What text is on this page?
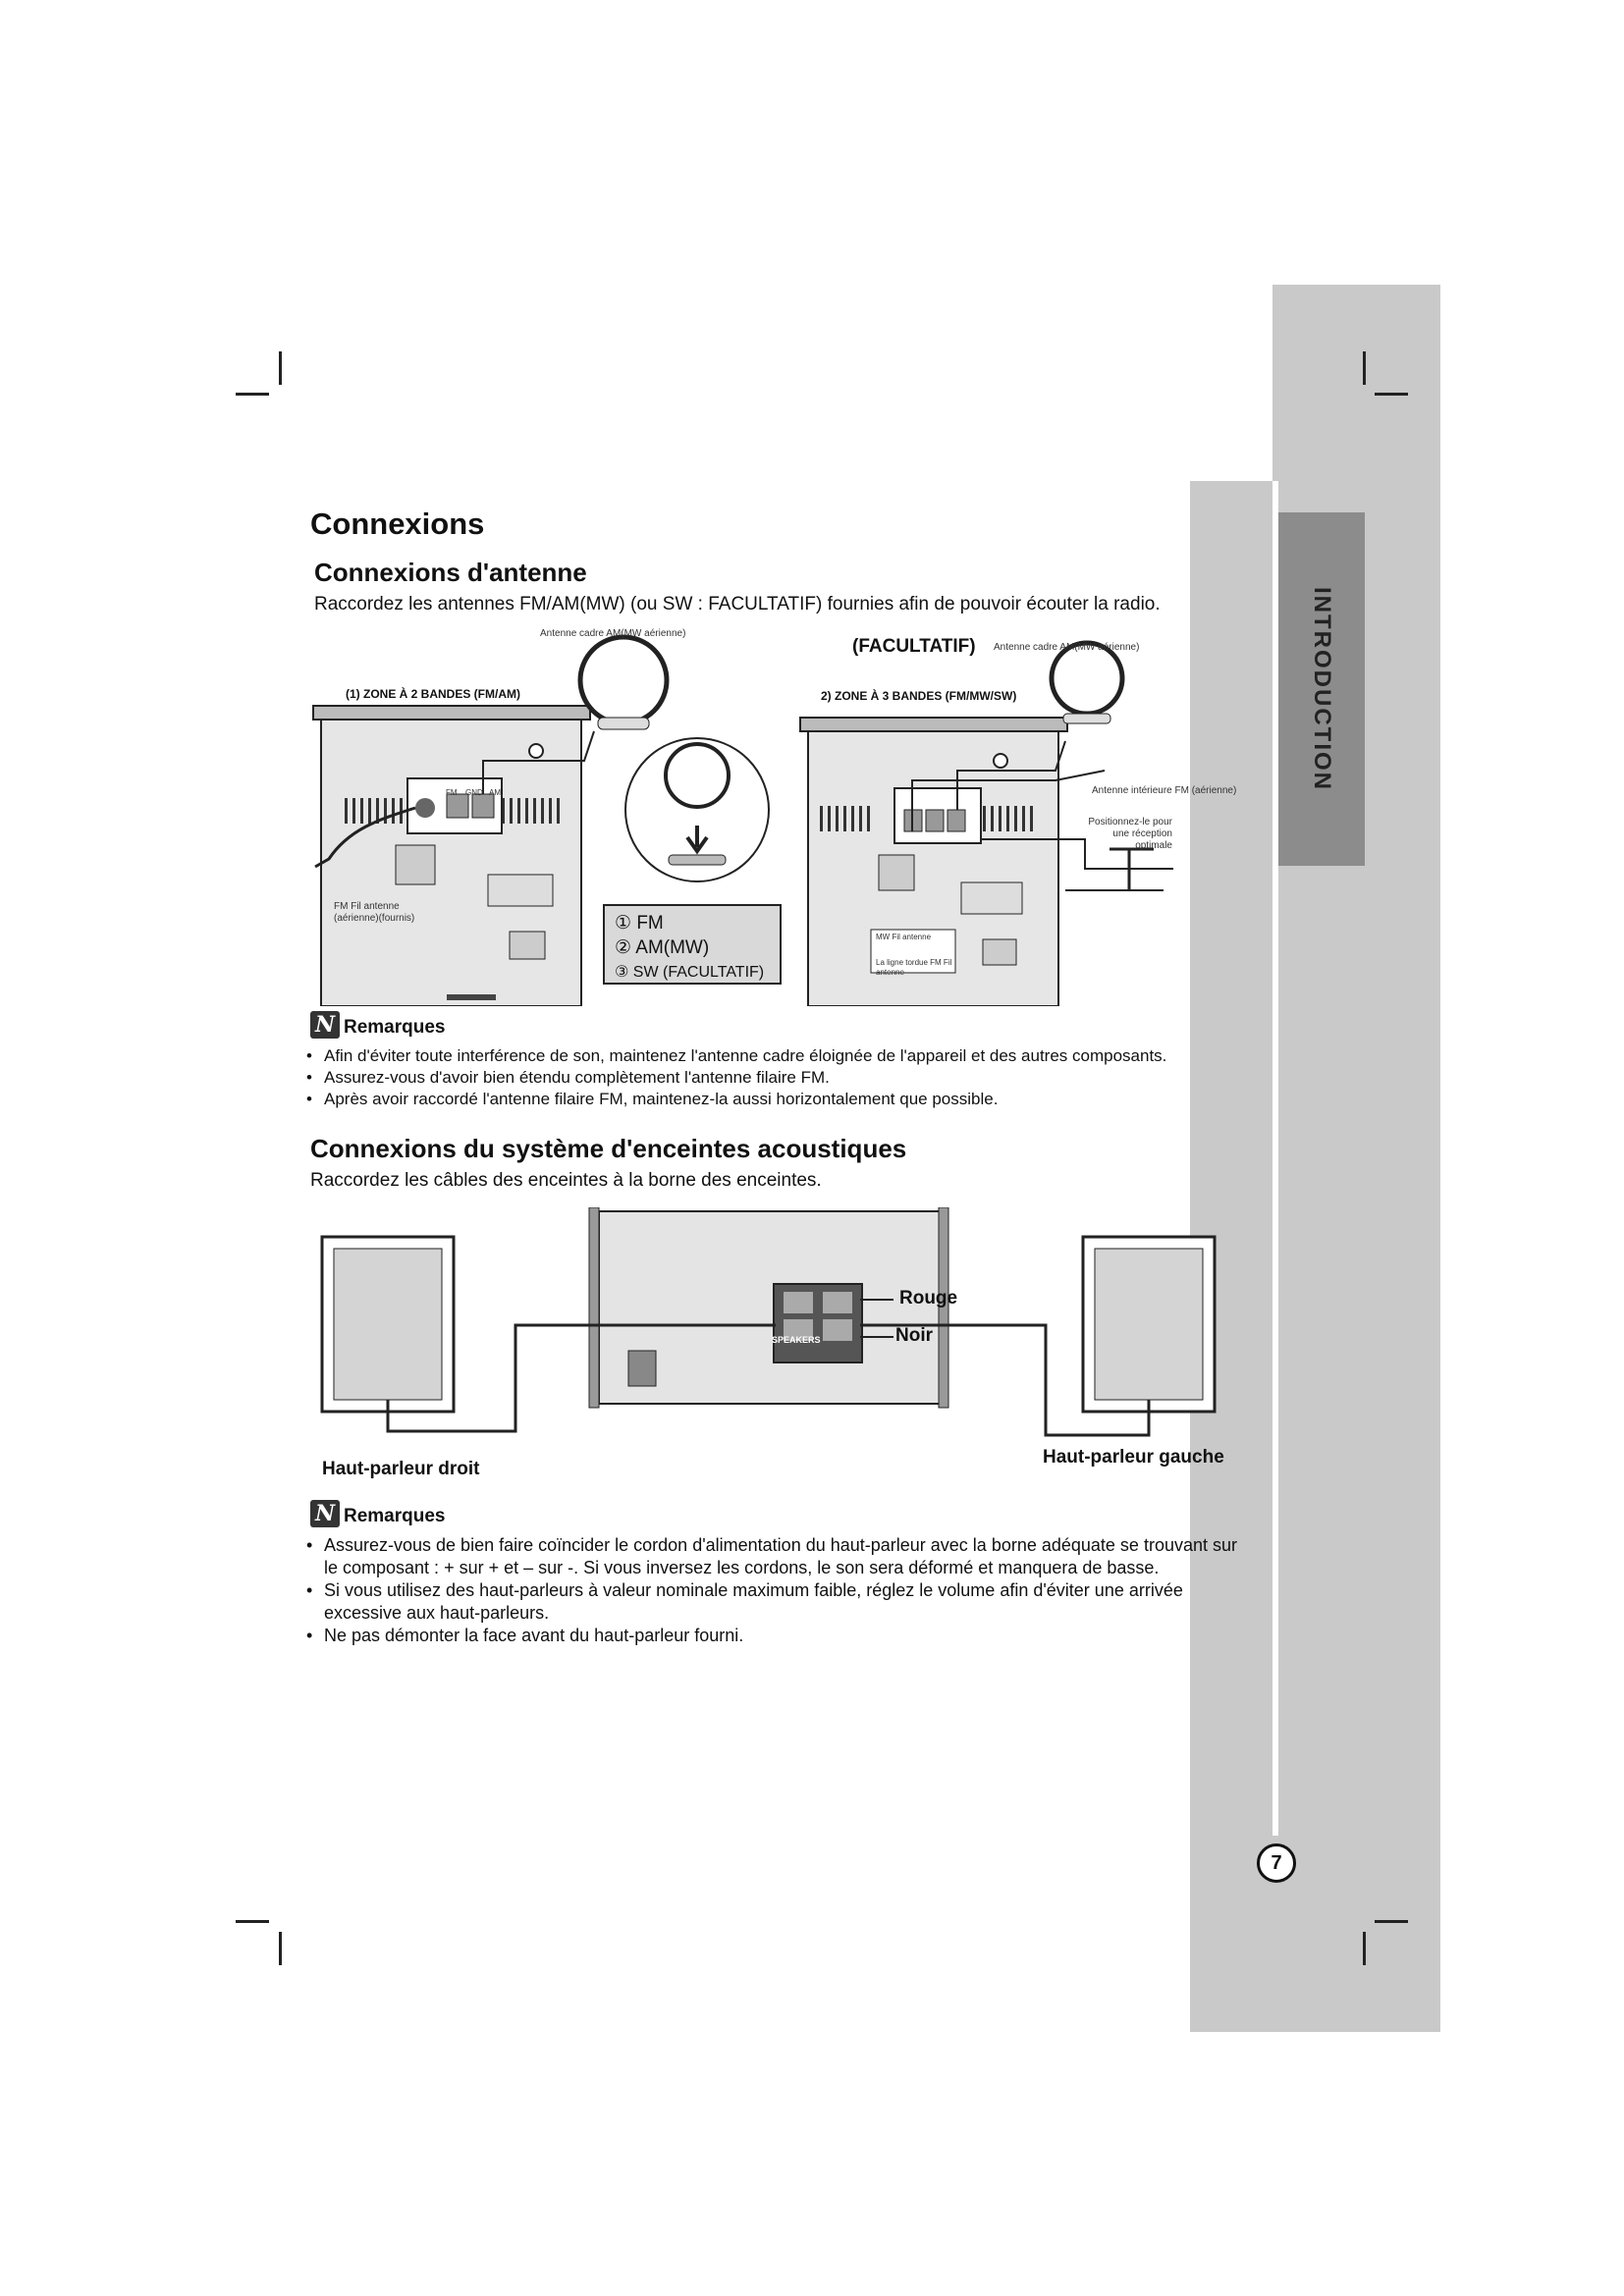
INTRODUCTION
7
Connexions
Connexions d'antenne
Raccordez les antennes FM/AM(MW) (ou SW : FACULTATIF) fournies afin de pouvoir écouter la radio.
Antenne cadre AM(MW aérienne)
(FACULTATIF) Antenne cadre AM(MW aérienne)
(1) ZONE À 2 BANDES (FM/AM)	2) ZONE À 3 BANDES (FM/MW/SW)
FM GND AM
FM Fil antenne (aérienne)(fournis)
Antenne intérieure FM (aérienne)
Positionnez-le pour une réception optimale
MW Fil antenne
La ligne tordue FM Fil antenne
① FM
② AM(MW)
③ SW (FACULTATIF)
N Remarques
• Afin d'éviter toute interférence de son, maintenez l'antenne cadre éloignée de l'appareil et des autres composants.
• Assurez-vous d'avoir bien étendu complètement l'antenne filaire FM.
• Après avoir raccordé l'antenne filaire FM, maintenez-la aussi horizontalement que possible.
Connexions du système d'enceintes acoustiques
Raccordez les câbles des enceintes à la borne des enceintes.
SPEAKERS
Rouge
Noir
Haut-parleur droit
Haut-parleur gauche
N Remarques
• Assurez-vous de bien faire coïncider le cordon d'alimentation du haut-parleur avec la borne adéquate se trouvant sur le composant : + sur + et – sur -. Si vous inversez les cordons, le son sera déformé et manquera de basse.
• Si vous utilisez des haut-parleurs à valeur nominale maximum faible, réglez le volume afin d'éviter une arrivée excessive aux haut-parleurs.
• Ne pas démonter la face avant du haut-parleur fourni.
